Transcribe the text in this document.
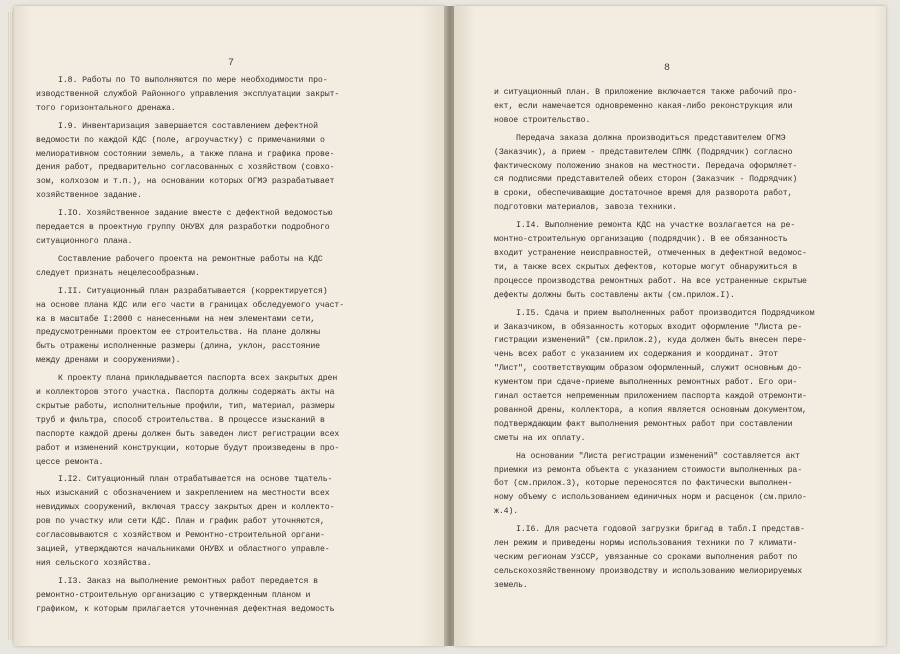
7
I.8. Работы по ТО выполняются по мере необходимости про-
изводственной службой Районного управления эксплуатации закрыт-
того горизонтального дренажа.
I.9. Инвентаризация завершается составлением дефектной
ведомости по каждой КДС (поле, агроучастку) с примечаниями о
мелиоративном состоянии земель, а также плана и графика прове-
дения работ, предварительно согласованных с хозяйством (совхо-
зом, колхозом и т.п.), на основании которых ОГМЭ разрабатывает
хозяйственное задание.
I.IO. Хозяйственное задание вместе с дефектной ведомостью
передается в проектную группу ОНУВХ для разработки подробного
ситуационного плана.
Составление рабочего проекта на ремонтные работы на КДС
следует признать нецелесообразным.
I.II. Ситуационный план разрабатывается (корректируется)
на основе плана КДС или его части в границах обследуемого участ-
ка в масштабе I:2000 с нанесенными на нем элементами сети,
предусмотренными проектом ее строительства. На плане должны
быть отражены исполненные размеры (длина, уклон, расстояние
между дренами и сооружениями).
К проекту плана прикладывается паспорта всех закрытых дрен
и коллекторов этого участка. Паспорта должны содержать акты на
скрытые работы, исполнительные профили, тип, материал, размеры
труб и фильтра, способ строительства. В процессе изысканий в
паспорте каждой дрены должен быть заведен лист регистрации всех
работ и изменений конструкции, которые будут произведены в про-
цессе ремонта.
I.I2. Ситуационный план отрабатывается на основе тщатель-
ных изысканий с обозначением и закреплением на местности всех
невидимых сооружений, включая трассу закрытых дрен и коллекто-
ров по участку или сети КДС. План и график работ уточняются,
согласовываются с хозяйством и Ремонтно-строительной органи-
зацией, утверждаются начальниками ОНУВХ и областного управле-
ния сельского хозяйства.
I.I3. Заказ на выполнение ремонтных работ передается в
ремонтно-строительную организацию с утвержденным планом и
графиком, к которым прилагается уточненная дефектная ведомость
8
и ситуационный план. В приложение включается также рабочий про-
ект, если намечается одновременно какая-либо реконструкция или
новое строительство.
Передача заказа должна производиться представителем ОГМЭ
(Заказчик), а прием - представителем СПМК (Подрядчик) согласно
фактическому положению знаков на местности. Передача оформляет-
ся подписями представителей обеих сторон (Заказчик - Подрядчик)
в сроки, обеспечивающие достаточное время для разворота работ,
подготовки материалов, завоза техники.
I.I4. Выполнение ремонта КДС на участке возлагается на ре-
монтно-строительную организацию (подрядчик). В ее обязанность
входит устранение неисправностей, отмеченных в дефектной ведомос-
ти, а также всех скрытых дефектов, которые могут обнаружиться в
процессе производства ремонтных работ. На все устраненные скрытые
дефекты должны быть составлены акты (см.прилож.I).
I.I5. Сдача и прием выполненных работ производится Подрядчиком
и Заказчиком, в обязанность которых входит оформление "Листа ре-
гистрации изменений" (см.прилож.2), куда должен быть внесен пере-
чень всех работ с указанием их содержания и координат. Этот
"Лист", соответствующим образом оформленный, служит основным до-
кументом при сдаче-приеме выполненных ремонтных работ. Его ори-
гинал остается непременным приложением паспорта каждой отремонти-
рованной дрены, коллектора, а копия является основным документом,
подтверждающим факт выполнения ремонтных работ при составлении
сметы на их оплату.
На основании "Листа регистрации изменений" составляется акт
приемки из ремонта объекта с указанием стоимости выполненных ра-
бот (см.прилож.3), которые переносятся по фактически выполнен-
ному объему с использованием единичных норм и расценок (см.прило-
ж.4).
I.I6. Для расчета годовой загрузки бригад в табл.I представ-
лен режим и приведены нормы использования техники по 7 климати-
ческим регионам УзССР, увязанные со сроками выполнения работ по
сельскохозяйственному производству и использованию мелиорируемых
земель.
